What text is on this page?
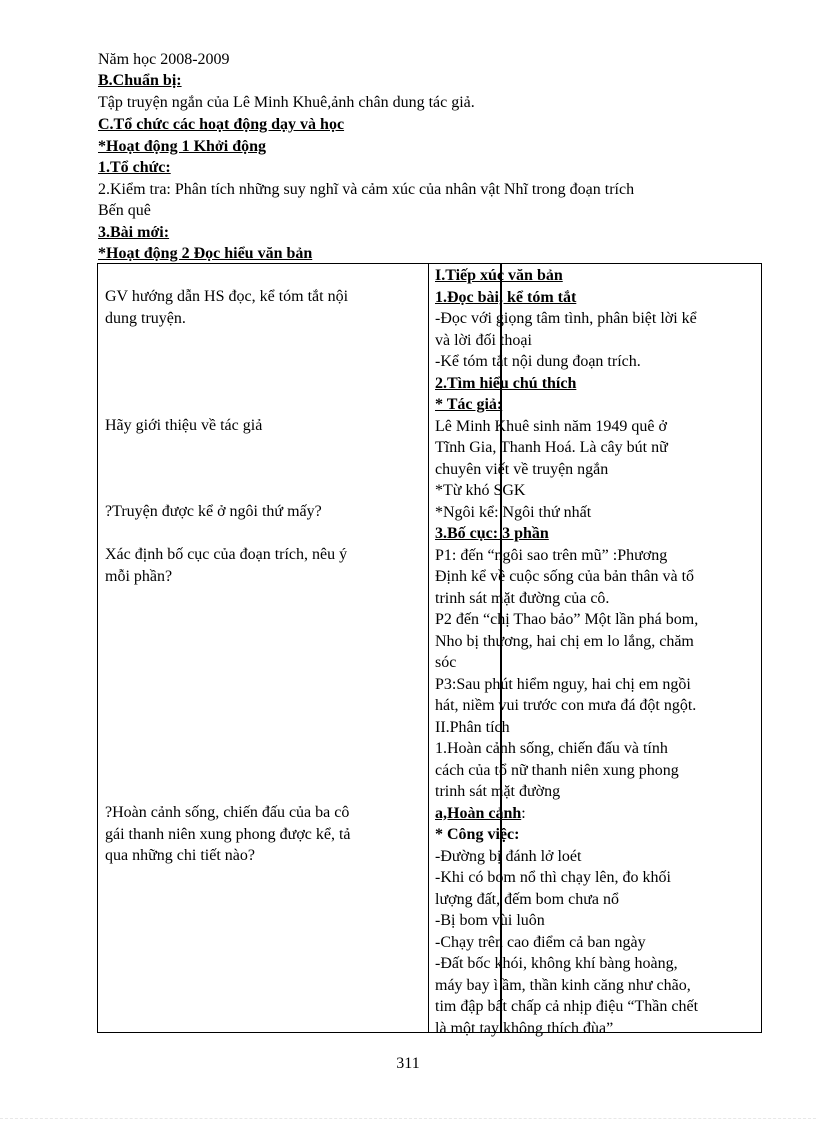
Năm học 2008-2009
B.Chuẩn bị:
Tập truyện ngắn của Lê Minh Khuê,ảnh chân dung tác giả.
C.Tổ chức các hoạt động dạy và học
*Hoạt động 1 Khởi động
1.Tổ chức:
2.Kiểm tra: Phân tích những suy nghĩ và cảm xúc của nhân vật Nhĩ trong đoạn trích
Bến quê
3.Bài mới:
*Hoạt động 2 Đọc hiểu văn bản
GV hướng dẫn HS đọc, kể tóm tắt nội
dung truyện.
Hãy giới thiệu về tác giả
?Truyện được kể ở ngôi thứ mấy?
Xác định bố cục của đoạn trích, nêu ý
mỗi phần?
?Hoàn cảnh sống, chiến đấu của ba cô
gái thanh niên xung phong được kể, tả
qua những chi tiết nào?
I.Tiếp xúc văn bản
1.Đọc bài, kể tóm tắt
-Đọc với giọng tâm tình, phân biệt lời kể
và lời đối thoại
-Kể tóm tắt nội dung đoạn trích.
2.Tìm hiểu chú thích
* Tác giả:
Lê Minh Khuê sinh năm 1949 quê ở
Tĩnh Gia, Thanh Hoá. Là cây bút nữ
chuyên viết về truyện ngắn
*Từ khó SGK
*Ngôi kể: Ngôi thứ nhất
3.Bố cục: 3 phần
P1: đến “ngôi sao trên mũ” :Phương
Định kể về cuộc sống của bản thân và tổ
trinh sát mặt đường của cô.
P2 đến “chị Thao bảo” Một lần phá bom,
Nho bị thương, hai chị em lo lắng, chăm
sóc
P3:Sau phút hiểm nguy, hai chị em ngồi
hát, niềm vui trước con mưa đá đột ngột.
II.Phân tích
1.Hoàn cảnh sống, chiến đấu và tính
cách của tổ nữ thanh niên xung phong
trinh sát mặt đường
a,Hoàn cảnh:
* Công việc:
-Đường bị đánh lở loét
-Khi có bom nổ thì chạy lên, đo khối
lượng đất, đếm bom chưa nổ
-Bị bom vùi luôn
-Chạy trên cao điểm cả ban ngày
-Đất bốc khói, không khí bàng hoàng,
máy bay ì ầm, thần kinh căng như chão,
tim đập bất chấp cả nhịp điệu “Thần chết
là một tay không thích đùa”
311
